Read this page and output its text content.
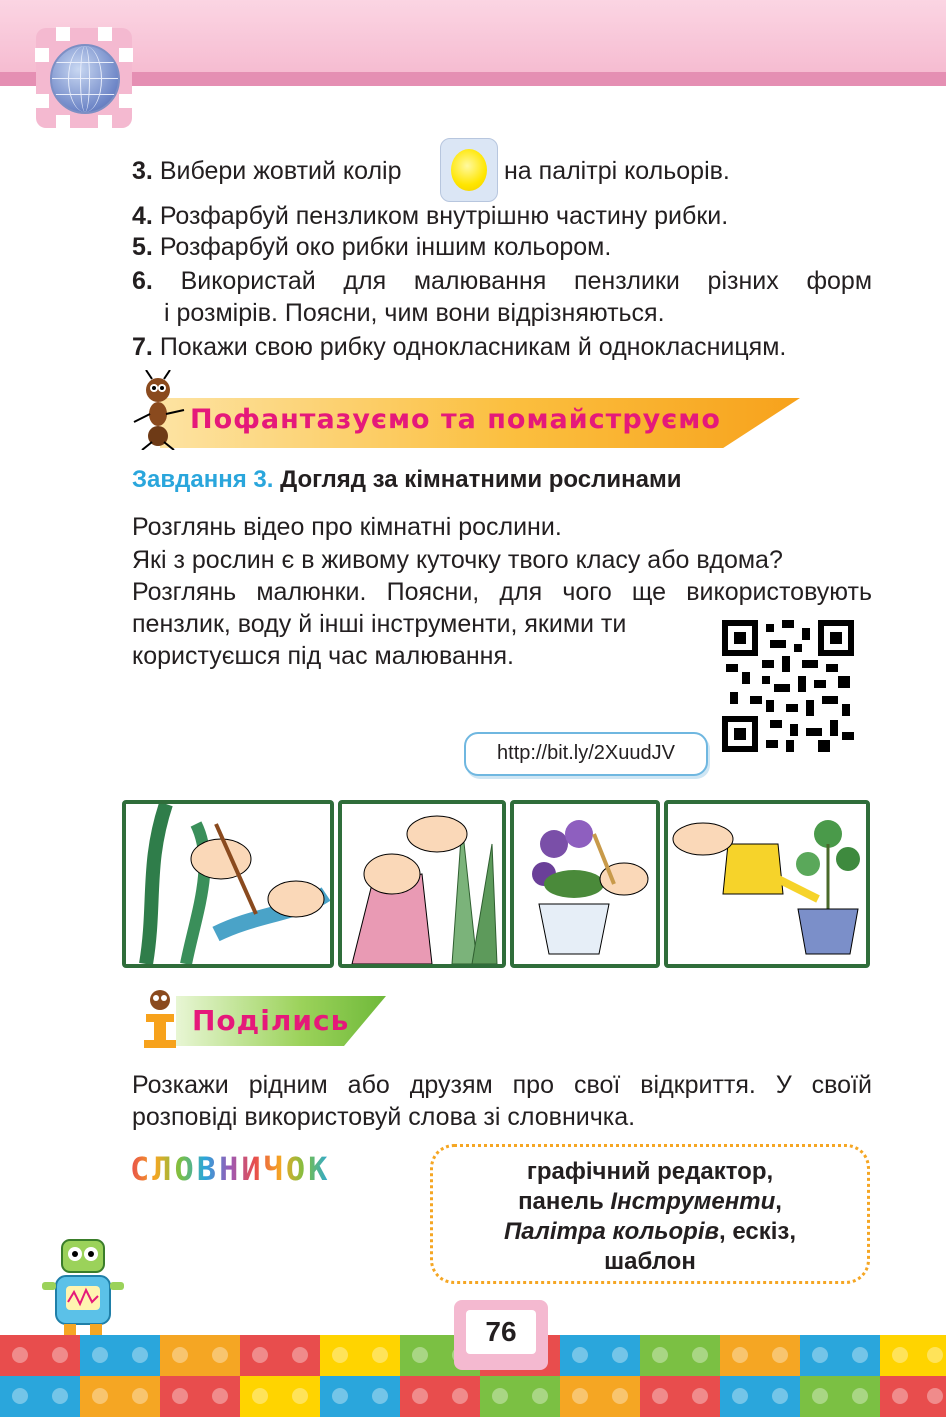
3. Вибери жовтий колір	на палітрі кольорів.
4. Розфарбуй пензликом внутрішню частину рибки.
5. Розфарбуй око рибки іншим кольором.
6. Використай для малювання пензлики різних форм
і розмірів. Поясни, чим вони відрізняються.
7. Покажи свою рибку однокласникам й однокласницям.
Пофантазуємо та помайструємо
Завдання 3. Догляд за кімнатними рослинами
Розглянь відео про кімнатні рослини.
Які з рослин є в живому куточку твого класу або вдома?
Розглянь малюнки. Поясни, для чого ще використовують
пензлик, воду й інші інструменти, якими ти
користуєшся під час малювання.
http://bit.ly/2XuudJV
Поділись
Розкажи рідним або друзям про свої відкриття. У своїй
розповіді використовуй слова зі словничка.
СЛОВНИЧОК	графічний редактор,
панель Інструменти,
Палітра кольорів, ескіз,
шаблон
76
